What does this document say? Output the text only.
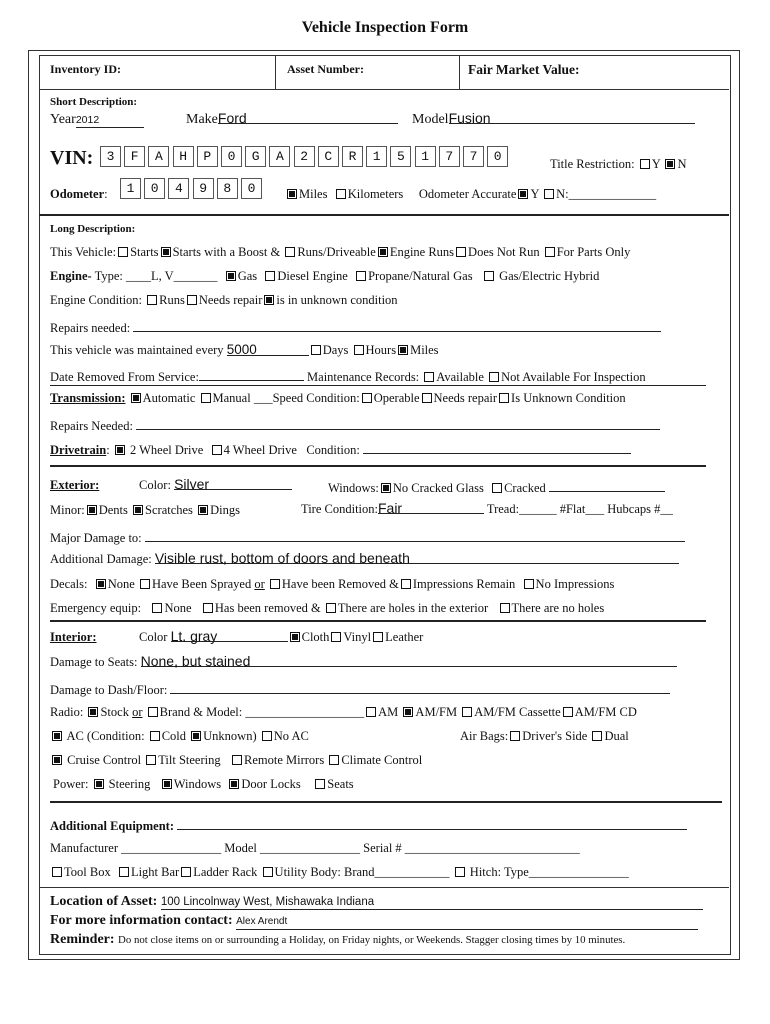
Vehicle Inspection Form
Inventory ID:	Asset Number:	Fair Market Value:
Short Description:
Year2012	MakeFord	ModelFusion
VIN:	3	F	A	H	P	0	G	A	2	C	R	1	5	1	7	7	0	Title Restriction: Y N
Odometer:	1	0	4	9	8	0	Miles Kilometers Odometer Accurate Y N:______________
Long Description:
This Vehicle: Starts Starts with a Boost & Runs/Driveable Engine Runs Does Not Run For Parts Only
Engine- Type: ____L, V_______ Gas Diesel Engine Propane/Natural Gas Gas/Electric Hybrid
Engine Condition: Runs Needs repair is in unknown condition
Repairs needed:
This vehicle was maintained every 5000	Days Hours Miles
Date Removed From Service:	Maintenance Records: Available Not Available For Inspection
Transmission: Automatic Manual ___Speed Condition: Operable Needs repair Is Unknown Condition
Repairs Needed:
Drivetrain:  2 Wheel Drive 4 Wheel Drive Condition:
Exterior:	Color: Silver	Windows: No Cracked Glass Cracked
Minor: Dents Scratches Dings	Tire Condition:Fair	Tread:______ #Flat___ Hubcaps #__
Major Damage to:
Additional Damage: Visible rust, bottom of doors and beneath
Decals: None Have Been Sprayed or Have been Removed & Impressions Remain No Impressions
Emergency equip: None Has been removed & There are holes in the exterior There are no holes
Interior:	Color Lt. gray	Cloth Vinyl Leather
Damage to Seats: None, but stained
Damage to Dash/Floor:
Radio: Stock or Brand & Model: ___________________ AM AM/FM AM/FM Cassette AM/FM CD
AC (Condition: Cold Unknown) No AC	Air Bags: Driver's Side Dual
Cruise Control Tilt Steering Remote Mirrors Climate Control
Power: Steering Windows Door Locks Seats
Additional Equipment:
Manufacturer ________________ Model ________________ Serial # ____________________________
Tool Box Light Bar Ladder Rack Utility Body: Brand____________ Hitch: Type________________
Location of Asset: 100 Lincolnway West, Mishawaka Indiana
For more information contact: Alex Arendt
Reminder: Do not close items on or surrounding a Holiday, on Friday nights, or Weekends. Stagger closing times by 10 minutes.
